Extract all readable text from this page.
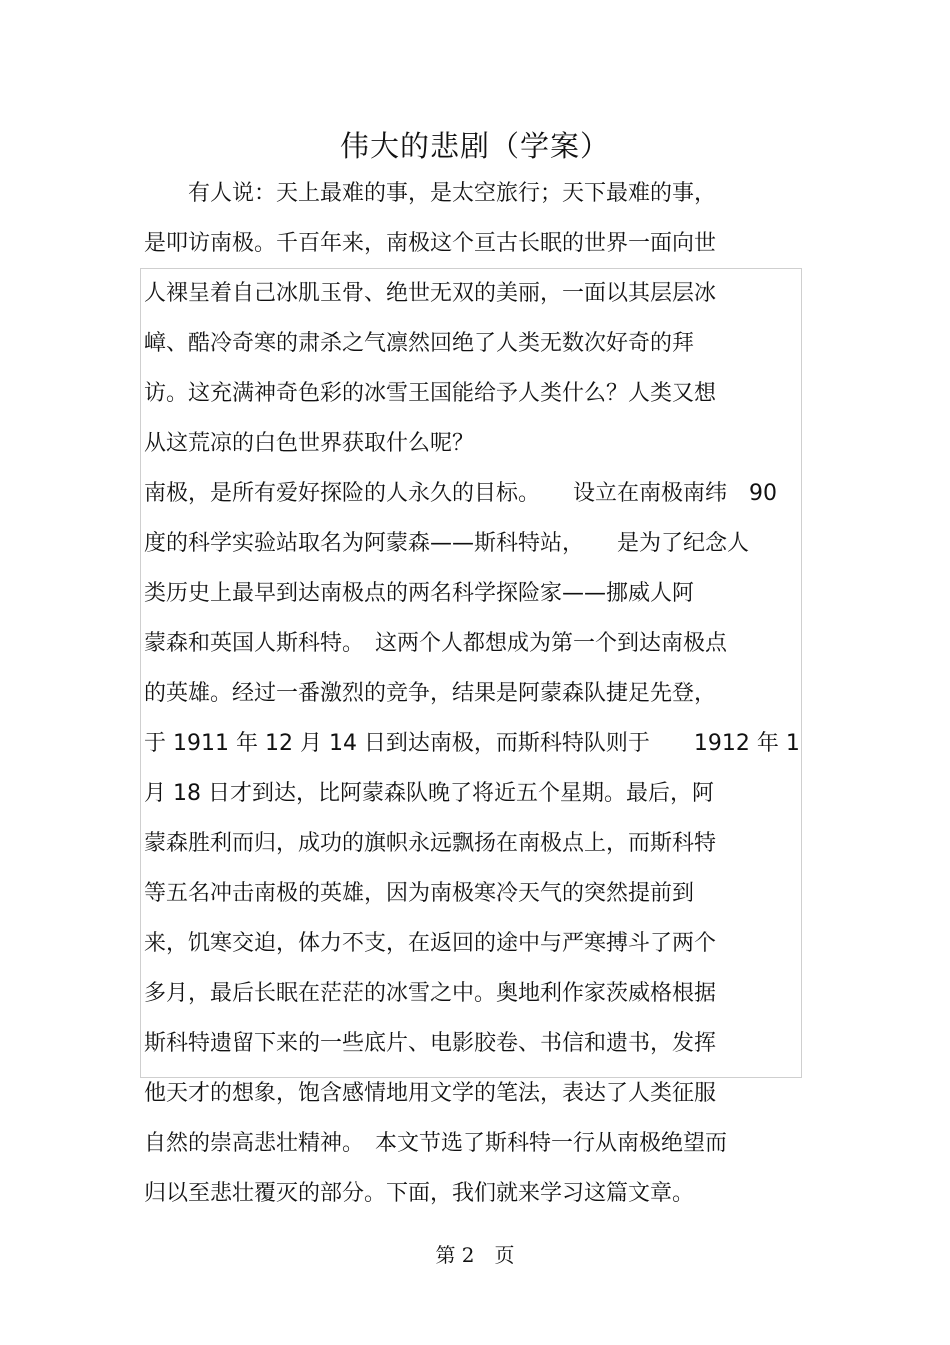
伟大的悲剧（学案）
　　有人说：天上最难的事，是太空旅行；天下最难的事，
是叩访南极。千百年来，南极这个亘古长眠的世界一面向世
人裸呈着自己冰肌玉骨、绝世无双的美丽，一面以其层层冰
嶂、酷冷奇寒的肃杀之气凛然回绝了人类无数次好奇的拜
访。这充满神奇色彩的冰雪王国能给予人类什么？人类又想
从这荒凉的白色世界获取什么呢？
南极，是所有爱好探险的人永久的目标。　　设立在南极南纬　90
度的科学实验站取名为阿蒙森——斯科特站，　　是为了纪念人
类历史上最早到达南极点的两名科学探险家——挪威人阿
蒙森和英国人斯科特。　这两个人都想成为第一个到达南极点
的英雄。经过一番激烈的竞争，结果是阿蒙森队捷足先登，
于 1911 年 12 月 14 日到达南极，而斯科特队则于　　1912 年 1
月 18 日才到达，比阿蒙森队晚了将近五个星期。最后，阿
蒙森胜利而归，成功的旗帜永远飘扬在南极点上，而斯科特
等五名冲击南极的英雄，因为南极寒冷天气的突然提前到
来，饥寒交迫，体力不支，在返回的途中与严寒搏斗了两个
多月，最后长眠在茫茫的冰雪之中。奥地利作家茨威格根据
斯科特遗留下来的一些底片、电影胶卷、书信和遗书，发挥
他天才的想象，饱含感情地用文学的笔法，表达了人类征服
自然的崇高悲壮精神。　本文节选了斯科特一行从南极绝望而
归以至悲壮覆灭的部分。下面，我们就来学习这篇文章。
第 2　页
